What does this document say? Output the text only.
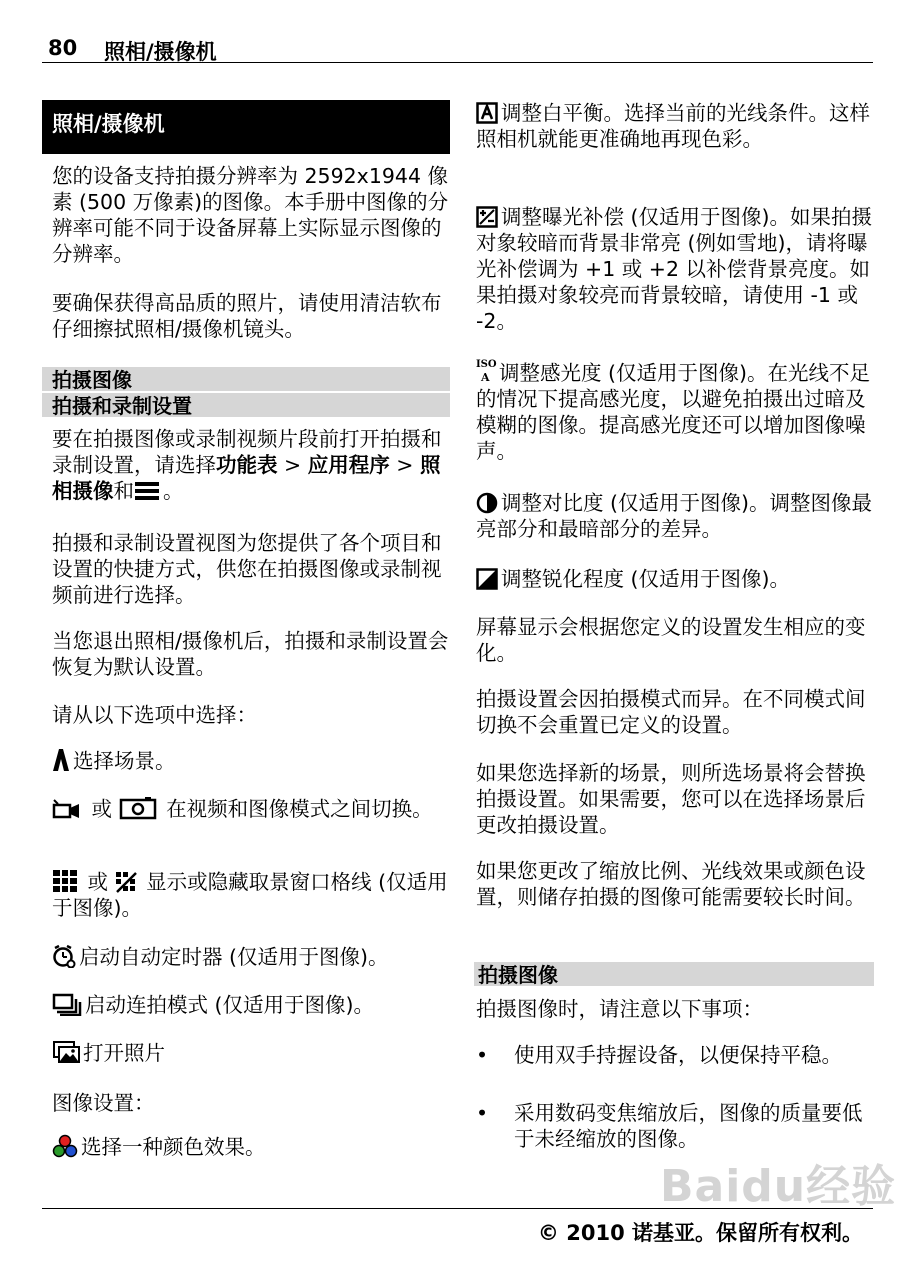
80 照相/摄像机
照相/摄像机

您的设备支持拍摄分辨率为 2592x1944 像素 (500 万像素)的图像。本手册中图像的分辨率可能不同于设备屏幕上实际显示图像的分辨率。

要确保获得高品质的照片，请使用清洁软布仔细擦拭照相/摄像机镜头。

拍摄图像
拍摄和录制设置

要在拍摄图像或录制视频片段前打开拍摄和录制设置，请选择功能表 > 应用程序 > 照相摄像和 。

拍摄和录制设置视图为您提供了各个项目和设置的快捷方式，供您在拍摄图像或录制视频前进行选择。

当您退出照相/摄像机后，拍摄和录制设置会恢复为默认设置。

请从以下选项中选择：

选择场景。

或	在视频和图像模式之间切换。

或 显示或隐藏取景窗口格线 (仅适用于图像)。

启动自动定时器 (仅适用于图像)。

启动连拍模式 (仅适用于图像)。

打开照片

图像设置：

选择一种颜色效果。

调整白平衡。选择当前的光线条件。这样照相机就能更准确地再现色彩。

调整曝光补偿 (仅适用于图像)。如果拍摄对象较暗而背景非常亮 (例如雪地)，请将曝光补偿调为 +1 或 +2 以补偿背景亮度。如果拍摄对象较亮而背景较暗，请使用 -1 或 -2。

ISO
A 调整感光度 (仅适用于图像)。在光线不足的情况下提高感光度，以避免拍摄出过暗及模糊的图像。提高感光度还可以增加图像噪声。

调整对比度 (仅适用于图像)。调整图像最亮部分和最暗部分的差异。

调整锐化程度 (仅适用于图像)。

屏幕显示会根据您定义的设置发生相应的变化。

拍摄设置会因拍摄模式而异。在不同模式间切换不会重置已定义的设置。

如果您选择新的场景，则所选场景将会替换拍摄设置。如果需要，您可以在选择场景后更改拍摄设置。

如果您更改了缩放比例、光线效果或颜色设置，则储存拍摄的图像可能需要较长时间。

拍摄图像

拍摄图像时，请注意以下事项：

• 使用双手持握设备，以便保持平稳。
• 采用数码变焦缩放后，图像的质量要低于未经缩放的图像。
Baidu经验
© 2010 诺基亚。保留所有权利。
